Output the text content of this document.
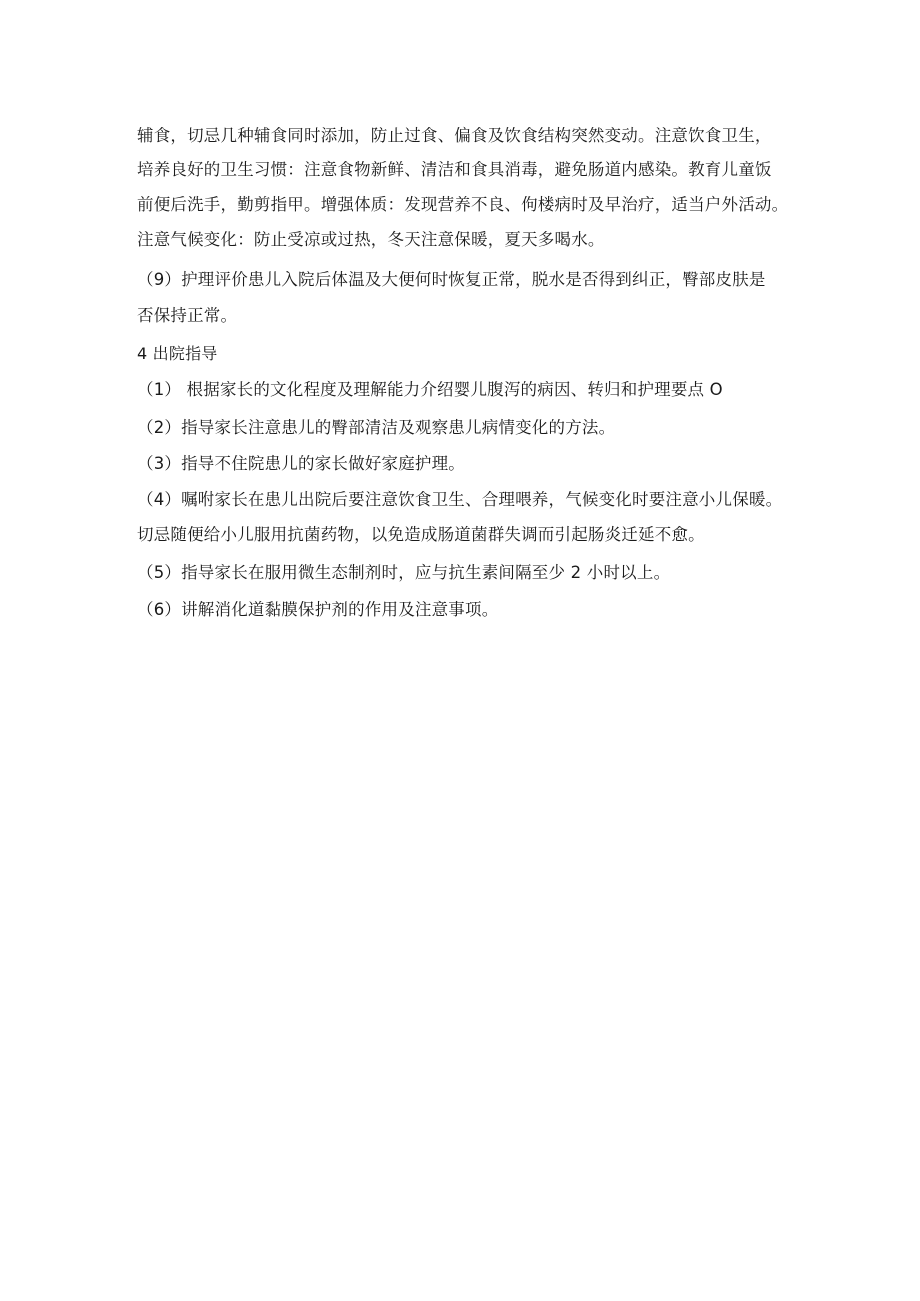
辅食，切忌几种辅食同时添加，防止过食、偏食及饮食结构突然变动。注意饮食卫生，
培养良好的卫生习惯：注意食物新鲜、清洁和食具消毒，避免肠道内感染。教育儿童饭
前便后洗手，勤剪指甲。增强体质：发现营养不良、佝楼病时及早治疗，适当户外活动。
注意气候变化：防止受凉或过热，冬天注意保暖，夏天多喝水。
（9）护理评价患儿入院后体温及大便何时恢复正常，脱水是否得到纠正，臀部皮肤是
否保持正常。
4 出院指导
（1） 根据家长的文化程度及理解能力介绍婴儿腹泻的病因、转归和护理要点 O
（2）指导家长注意患儿的臀部清洁及观察患儿病情变化的方法。
（3）指导不住院患儿的家长做好家庭护理。
（4）嘱咐家长在患儿出院后要注意饮食卫生、合理喂养，气候变化时要注意小儿保暖。
切忌随便给小儿服用抗菌药物，以免造成肠道菌群失调而引起肠炎迁延不愈。
（5）指导家长在服用微生态制剂时，应与抗生素间隔至少 2 小时以上。
（6）讲解消化道黏膜保护剂的作用及注意事项。
